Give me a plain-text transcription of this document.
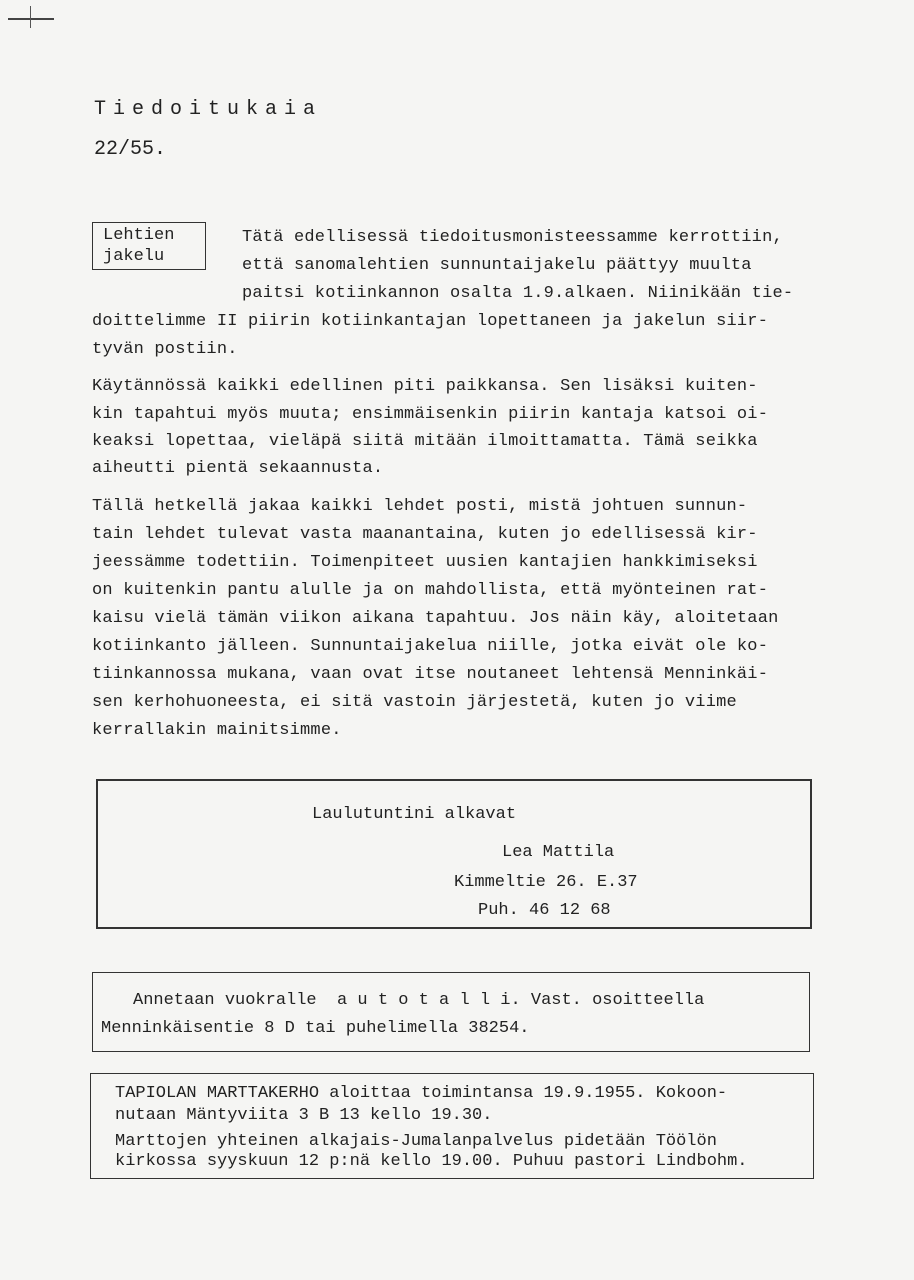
Tiedoitukaia
22/55.
Lehtien
jakelu
Tätä edellisessä tiedoitusmonisteessamme kerrottiin,
että sanomalehtien sunnuntaijakelu päättyy muulta
paitsi kotiinkannon osalta 1.9.alkaen. Niinikään tie-
doittelimme II piirin kotiinkantajan lopettaneen ja jakelun siir-
tyvän postiin.
Käytännössä kaikki edellinen piti paikkansa. Sen lisäksi kuiten-
kin tapahtui myös muuta; ensimmäisenkin piirin kantaja katsoi oi-
keaksi lopettaa, vieläpä siitä mitään ilmoittamatta. Tämä seikka
aiheutti pientä sekaannusta.
Tällä hetkellä jakaa kaikki lehdet posti, mistä johtuen sunnun-
tain lehdet tulevat vasta maanantaina, kuten jo edellisessä kir-
jeessämme todettiin. Toimenpiteet uusien kantajien hankkimiseksi
on kuitenkin pantu alulle ja on mahdollista, että myönteinen rat-
kaisu vielä tämän viikon aikana tapahtuu. Jos näin käy, aloitetaan
kotiinkanto jälleen. Sunnuntaijakelua niille, jotka eivät ole ko-
tiinkannossa mukana, vaan ovat itse noutaneet lehtensä Menninkäi-
sen kerhohuoneesta, ei sitä vastoin järjestetä, kuten jo viime
kerrallakin mainitsimme.
Laulutuntini alkavat
Lea Mattila
Kimmeltie 26. E.37
Puh. 46 12 68
Annetaan vuokralle  a u t o t a l l i. Vast. osoitteella
Menninkäisentie 8 D tai puhelimella 38254.
TAPIOLAN MARTTAKERHO aloittaa toimintansa 19.9.1955. Kokoon-
nutaan Mäntyviita 3 B 13 kello 19.30.
Marttojen yhteinen alkajais-Jumalanpalvelus pidetään Töölön
kirkossa syyskuun 12 p:nä kello 19.00. Puhuu pastori Lindbohm.
